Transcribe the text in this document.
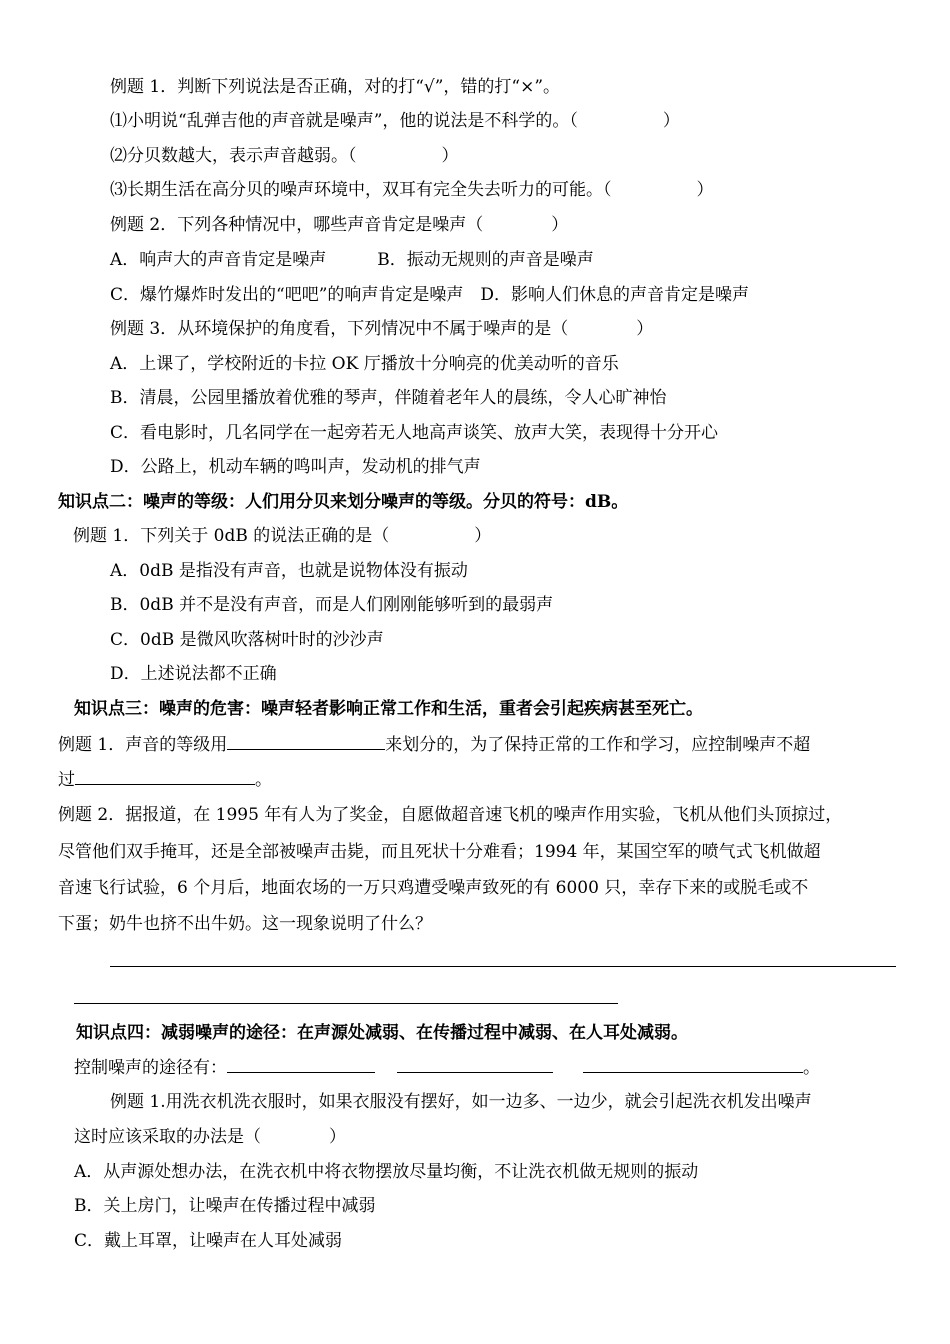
例题 1．判断下列说法是否正确，对的打“√”，错的打“×”。
⑴小明说“乱弹吉他的声音就是噪声”，他的说法是不科学的。（　　　　　）
⑵分贝数越大，表示声音越弱。（　　　　　）
⑶长期生活在高分贝的噪声环境中，双耳有完全失去听力的可能。（　　　　　）
例题 2．下列各种情况中，哪些声音肯定是噪声（　　　　）
A．响声大的声音肯定是噪声　　　B．振动无规则的声音是噪声
C．爆竹爆炸时发出的“吧吧”的响声肯定是噪声　D．影响人们休息的声音肯定是噪声
例题 3．从环境保护的角度看，下列情况中不属于噪声的是（　　　　）
A．上课了，学校附近的卡拉 OK 厅播放十分响亮的优美动听的音乐
B．清晨，公园里播放着优雅的琴声，伴随着老年人的晨练，令人心旷神怡
C．看电影时，几名同学在一起旁若无人地高声谈笑、放声大笑，表现得十分开心
D．公路上，机动车辆的鸣叫声，发动机的排气声
知识点二：噪声的等级：人们用分贝来划分噪声的等级。分贝的符号：dB。
例题 1．下列关于 0dB 的说法正确的是（　　　　　）
A．0dB 是指没有声音，也就是说物体没有振动
B．0dB 并不是没有声音，而是人们刚刚能够听到的最弱声
C．0dB 是微风吹落树叶时的沙沙声
D．上述说法都不正确
知识点三：噪声的危害：噪声轻者影响正常工作和生活，重者会引起疾病甚至死亡。
例题 1．声音的等级用	来划分的，为了保持正常的工作和学习，应控制噪声不超
过	。
例题 2．据报道，在 1995 年有人为了奖金，自愿做超音速飞机的噪声作用实验，飞机从他们头顶掠过，
尽管他们双手掩耳，还是全部被噪声击毙，而且死状十分难看；1994 年，某国空军的喷气式飞机做超
音速飞行试验，6 个月后，地面农场的一万只鸡遭受噪声致死的有 6000 只，幸存下来的或脱毛或不
下蛋；奶牛也挤不出牛奶。这一现象说明了什么？
知识点四：减弱噪声的途径：在声源处减弱、在传播过程中减弱、在人耳处减弱。
控制噪声的途径有：	。
例题 1.用洗衣机洗衣服时，如果衣服没有摆好，如一边多、一边少，就会引起洗衣机发出噪声
这时应该采取的办法是（　　　　）
A．从声源处想办法，在洗衣机中将衣物摆放尽量均衡，不让洗衣机做无规则的振动
B．关上房门，让噪声在传播过程中减弱
C．戴上耳罩，让噪声在人耳处减弱
